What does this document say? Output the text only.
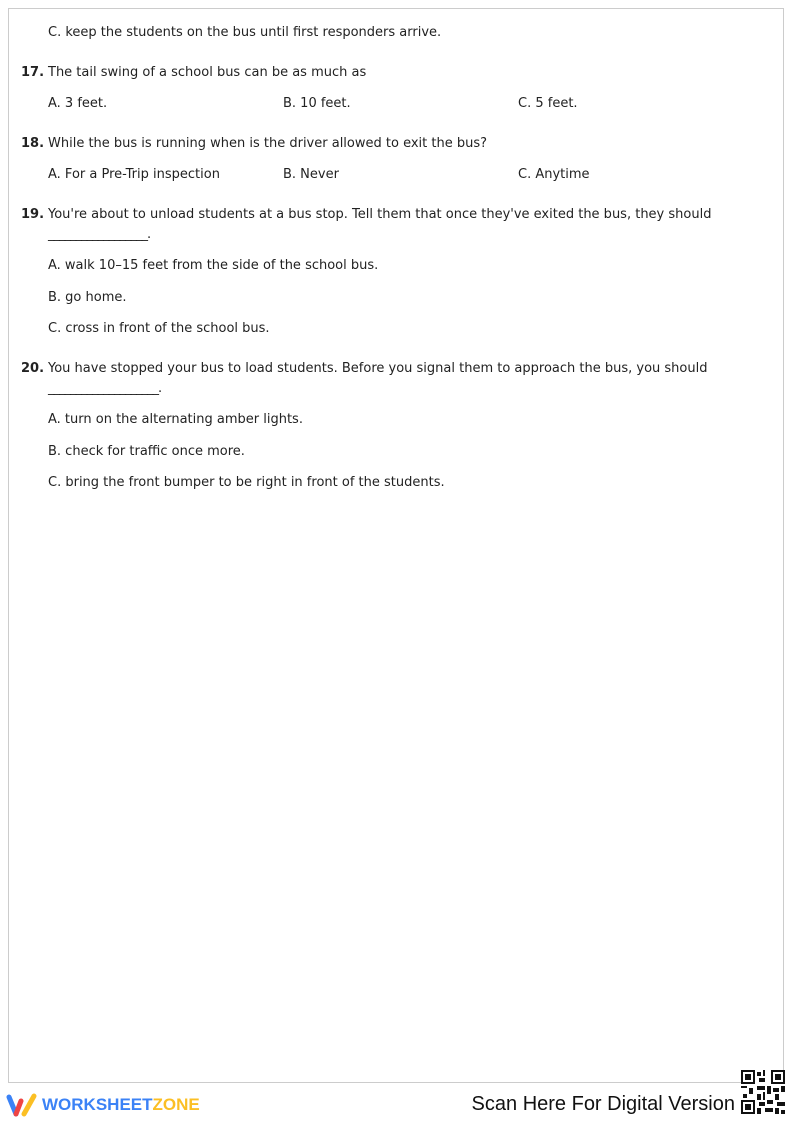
C. keep the students on the bus until first responders arrive.
17. The tail swing of a school bus can be as much as
A. 3 feet.	B. 10 feet.	C. 5 feet.
18. While the bus is running when is the driver allowed to exit the bus?
A. For a Pre-Trip inspection	B. Never	C. Anytime
19. You're about to unload students at a bus stop. Tell them that once they've exited the bus, they should
__________________.
A. walk 10–15 feet from the side of the school bus.
B. go home.
C. cross in front of the school bus.
20. You have stopped your bus to load students. Before you signal them to approach the bus, you should
____________________.
A. turn on the alternating amber lights.
B. check for traffic once more.
C. bring the front bumper to be right in front of the students.
WORKSHEETZONE	Scan Here For Digital Version
